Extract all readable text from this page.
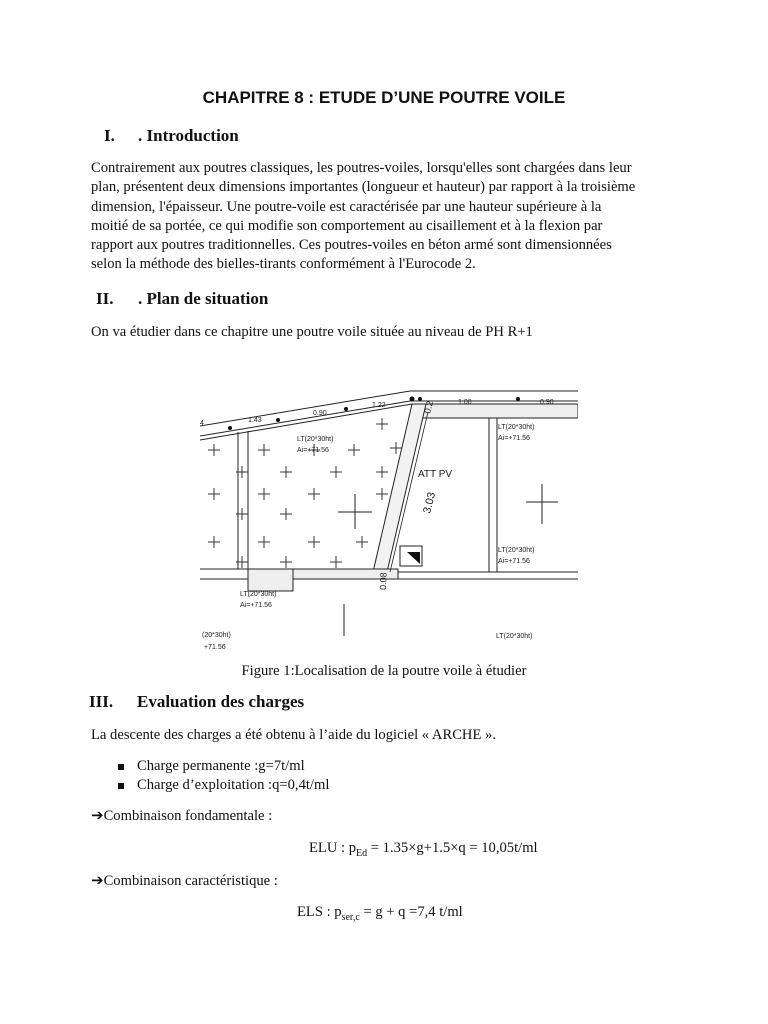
CHAPITRE 8 : ETUDE D’UNE POUTRE VOILE
I. . Introduction
Contrairement aux poutres classiques, les poutres-voiles, lorsqu'elles sont chargées dans leur
plan, présentent deux dimensions importantes (longueur et hauteur) par rapport à la troisième
dimension, l'épaisseur. Une poutre-voile est caractérisée par une hauteur supérieure à la
moitié de sa portée, ce qui modifie son comportement au cisaillement et à la flexion par
rapport aux poutres traditionnelles. Ces poutres-voiles en béton armé sont dimensionnées
selon la méthode des bielles-tirants conformément à l'Eurocode 2.
II. . Plan de situation
On va étudier dans ce chapitre une poutre voile située au niveau de PH R+1
4	1.43
0.90
1.22	1.00	0.90
LT(20*30ht)
Ai=+71.56
LT(20*30ht)
Ai=+71.56
LT(20*30ht)
Ai=+71.56
LT(20*30ht)
Ai=+71.56
(20*30ht)
+71.56
LT(20*30ht)
ATT PV
3.03
0.2
0.08
Figure 1:Localisation de la poutre voile à étudier
III. Evaluation des charges
La descente des charges a été obtenu à l’aide du logiciel « ARCHE ».
Charge permanente :g=7t/ml
Charge d’exploitation :q=0,4t/ml
➔Combinaison fondamentale :
ELU : $p_{Ed} = 1.35\times g+1.5\times q = 10,05t/ml$
➔Combinaison caractéristique :
ELS : $p_{ser,c} = g + q =7,4$ t/ml
